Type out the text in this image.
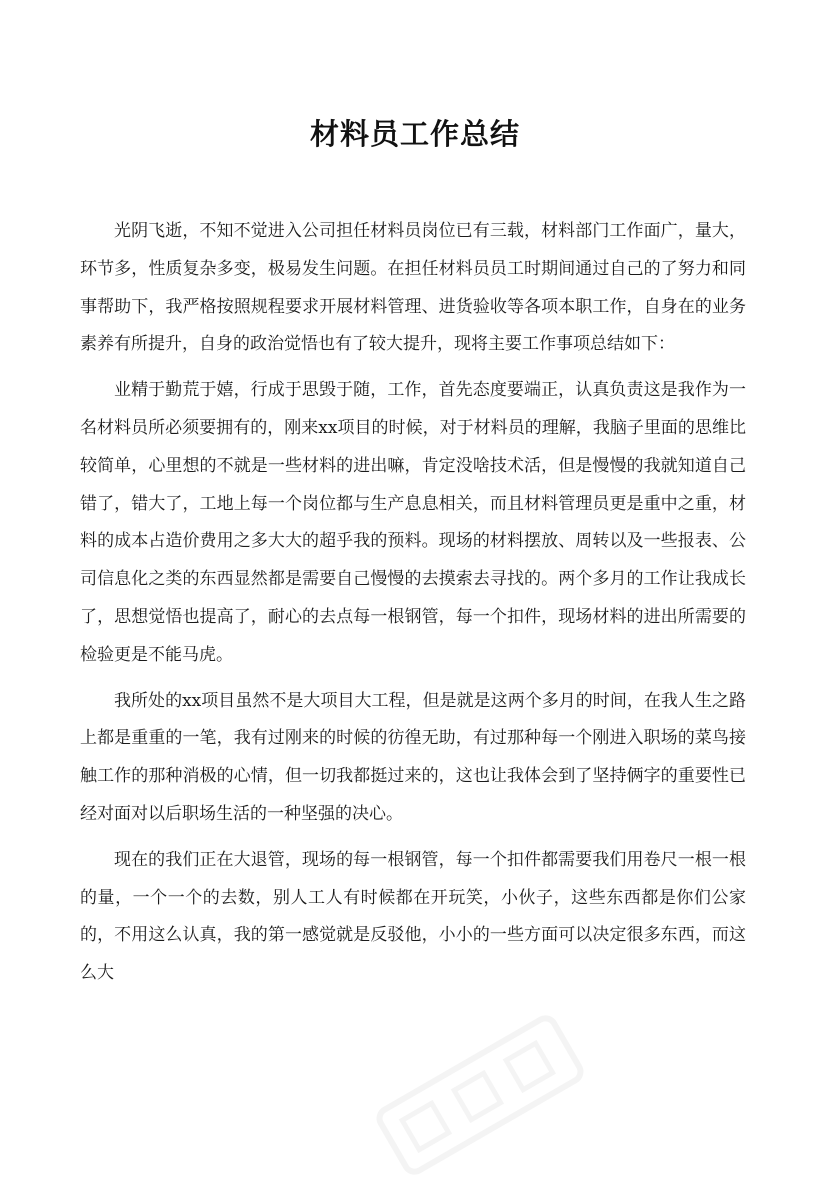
材料员工作总结

光阴飞逝，不知不觉进入公司担任材料员岗位已有三载，材料部门工作面广，量大，环节多，性质复杂多变，极易发生问题。在担任材料员员工时期间通过自己的了努力和同事帮助下，我严格按照规程要求开展材料管理、进货验收等各项本职工作，自身在的业务素养有所提升，自身的政治觉悟也有了较大提升，现将主要工作事项总结如下：

业精于勤荒于嬉，行成于思毁于随，工作，首先态度要端正，认真负责这是我作为一名材料员所必须要拥有的，刚来xx项目的时候，对于材料员的理解，我脑子里面的思维比较简单，心里想的不就是一些材料的进出嘛，肯定没啥技术活，但是慢慢的我就知道自己错了，错大了，工地上每一个岗位都与生产息息相关，而且材料管理员更是重中之重，材料的成本占造价费用之多大大的超乎我的预料。现场的材料摆放、周转以及一些报表、公司信息化之类的东西显然都是需要自己慢慢的去摸索去寻找的。两个多月的工作让我成长了，思想觉悟也提高了，耐心的去点每一根钢管，每一个扣件，现场材料的进出所需要的检验更是不能马虎。

我所处的xx项目虽然不是大项目大工程，但是就是这两个多月的时间，在我人生之路上都是重重的一笔，我有过刚来的时候的彷徨无助，有过那种每一个刚进入职场的菜鸟接触工作的那种消极的心情，但一切我都挺过来的，这也让我体会到了坚持俩字的重要性已经对面对以后职场生活的一种坚强的决心。

现在的我们正在大退管，现场的每一根钢管，每一个扣件都需要我们用卷尺一根一根的量，一个一个的去数，别人工人有时候都在开玩笑，小伙子，这些东西都是你们公家的，不用这么认真，我的第一感觉就是反驳他，小小的一些方面可以决定很多东西，而这么大
